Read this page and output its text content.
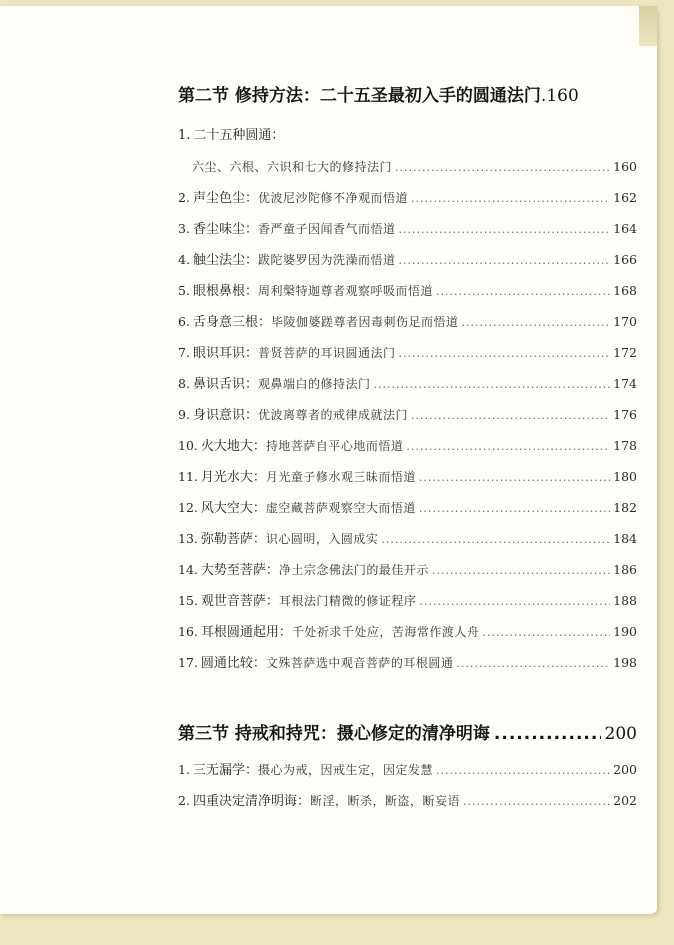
第二节 修持方法：二十五圣最初入手的圆通法门 .160
1. 二十五种圆通：
六尘、六根、六识和七大的修持法门 .....	160
2. 声尘色尘： 优波尼沙陀修不净观而悟道 .....	162
3. 香尘味尘： 香严童子因闻香气而悟道 .....	164
4. 触尘法尘： 跋陀婆罗因为洗澡而悟道 .....	166
5. 眼根鼻根： 周利槃特迦尊者观察呼吸而悟道 .....	168
6. 舌身意三根： 毕陵伽婆蹉尊者因毒刺伤足而悟道 .....	170
7. 眼识耳识： 普贤菩萨的耳识圆通法门 .....	172
8. 鼻识舌识： 观鼻端白的修持法门 .....	174
9. 身识意识： 优波离尊者的戒律成就法门 .....	176
10. 火大地大： 持地菩萨自平心地而悟道 .....	178
11. 月光水大： 月光童子修水观三昧而悟道 .....	180
12. 风大空大： 虚空藏菩萨观察空大而悟道 .....	182
13. 弥勒菩萨： 识心圆明，入圆成实 .....	184
14. 大势至菩萨： 净土宗念佛法门的最佳开示 .....	186
15. 观世音菩萨： 耳根法门精微的修证程序 .....	188
16. 耳根圆通起用： 千处祈求千处应，苦海常作渡人舟 .....	190
17. 圆通比较： 文殊菩萨选中观音菩萨的耳根圆通 .....	198
第三节 持戒和持咒：摄心修定的清净明诲 .....	200
1. 三无漏学： 摄心为戒，因戒生定，因定发慧 .....	200
2. 四重决定清净明诲： 断淫，断杀，断盗，断妄语 .....	202
